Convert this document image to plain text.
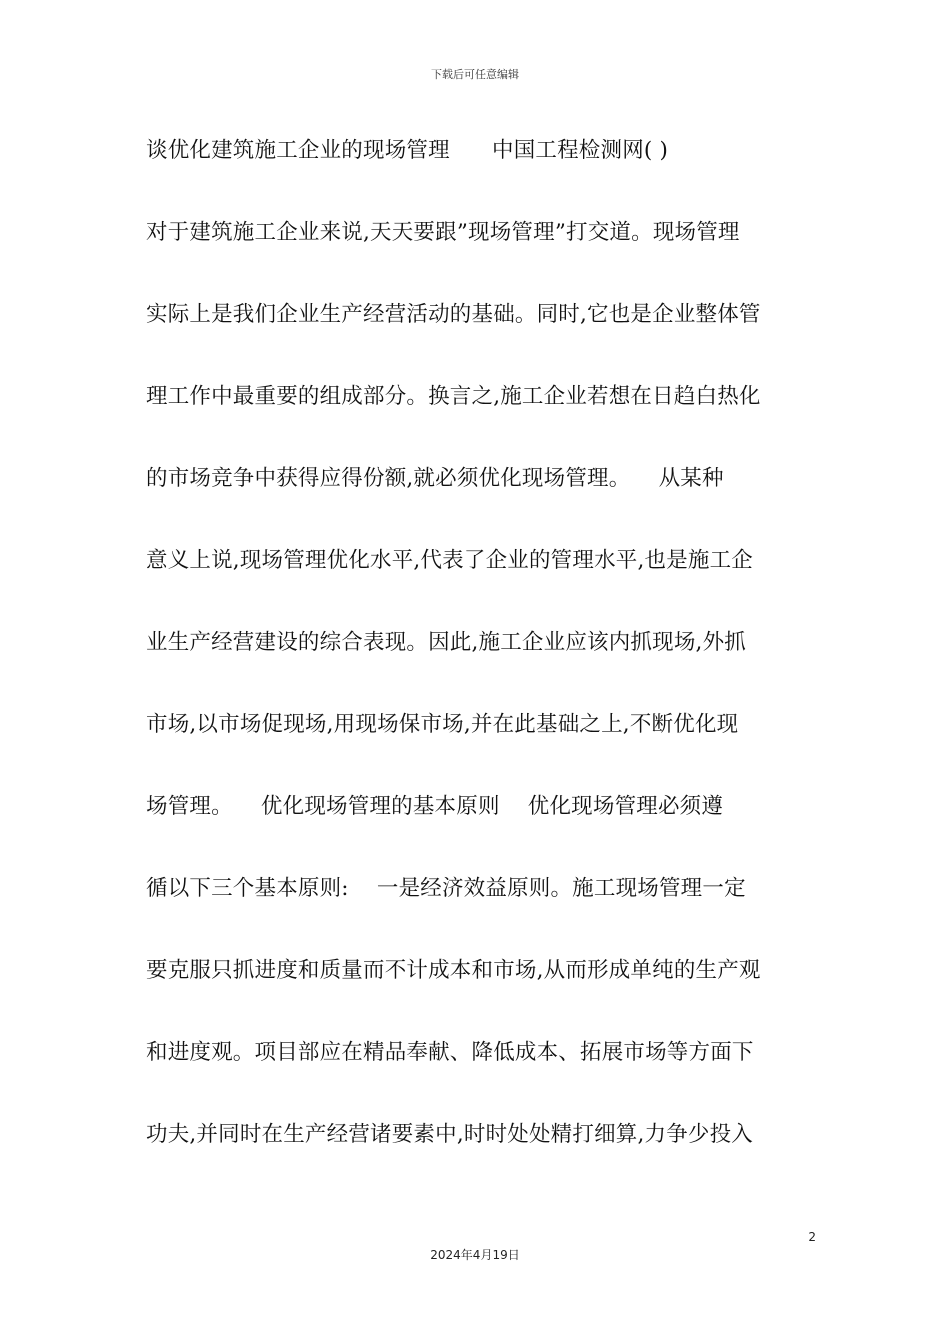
下载后可任意编辑
谈优化建筑施工企业的现场管理      中国工程检测网( )
对于建筑施工企业来说,天天要跟”现场管理”打交道。现场管理
实际上是我们企业生产经营活动的基础。同时,它也是企业整体管
理工作中最重要的组成部分。换言之,施工企业若想在日趋白热化
的市场竞争中获得应得份额,就必须优化现场管理。    从某种
意义上说,现场管理优化水平,代表了企业的管理水平,也是施工企
业生产经营建设的综合表现。因此,施工企业应该内抓现场,外抓
市场,以市场促现场,用现场保市场,并在此基础之上,不断优化现
场管理。    优化现场管理的基本原则    优化现场管理必须遵
循以下三个基本原则:    一是经济效益原则。施工现场管理一定
要克服只抓进度和质量而不计成本和市场,从而形成单纯的生产观
和进度观。项目部应在精品奉献、降低成本、拓展市场等方面下
功夫,并同时在生产经营诸要素中,时时处处精打细算,力争少投入
2
2024年4月19日
